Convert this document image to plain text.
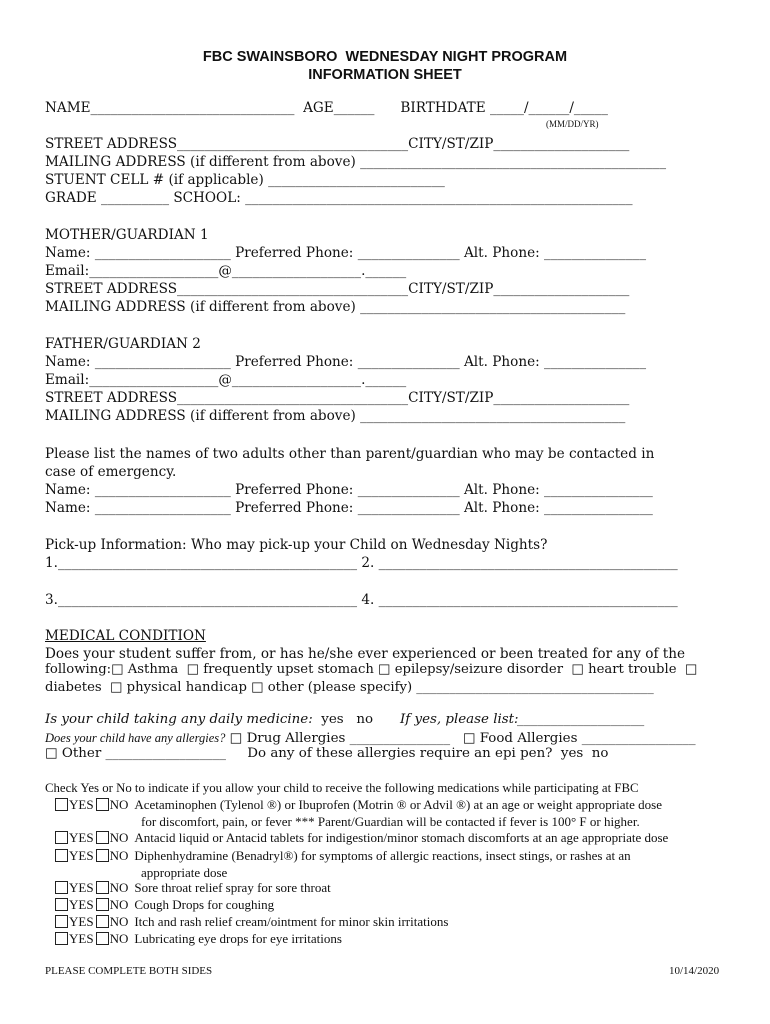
FBC SWAINSBORO  WEDNESDAY NIGHT PROGRAM
INFORMATION SHEET
NAME______________________________  AGE______      BIRTHDATE _____/______/_____
(MM/DD/YR)
STREET ADDRESS__________________________________CITY/ST/ZIP____________________
MAILING ADDRESS (if different from above) _____________________________________________
STUENT CELL # (if applicable) __________________________
GRADE __________ SCHOOL: _________________________________________________________
MOTHER/GUARDIAN 1
Name: ____________________ Preferred Phone: _______________ Alt. Phone: _______________
Email:___________________@___________________.______
STREET ADDRESS__________________________________CITY/ST/ZIP____________________
MAILING ADDRESS (if different from above) _______________________________________
FATHER/GUARDIAN 2
Name: ____________________ Preferred Phone: _______________ Alt. Phone: _______________
Email:___________________@___________________.______
STREET ADDRESS__________________________________CITY/ST/ZIP____________________
MAILING ADDRESS (if different from above) _______________________________________
Please list the names of two adults other than parent/guardian who may be contacted in
case of emergency.
Name: ____________________ Preferred Phone: _______________ Alt. Phone: ________________
Name: ____________________ Preferred Phone: _______________ Alt. Phone: ________________
Pick-up Information: Who may pick-up your Child on Wednesday Nights?
1.____________________________________________ 2. ____________________________________________
3.____________________________________________ 4. ____________________________________________
MEDICAL CONDITION
Does your student suffer from, or has he/she ever experienced or been treated for any of the
following:□ Asthma  □ frequently upset stomach □ epilepsy/seizure disorder  □ heart trouble  □
diabetes  □ physical handicap □ other (please specify) ____________________________________
Is your child taking any daily medicine:  yes   no If yes, please list:
___________________
Does your child have any allergies? □ Drug Allergies _______________   □ Food Allergies _________________
□ Other __________________     Do any of these allergies require an epi pen?  yes  no
Check Yes or No to indicate if you allow your child to receive the following medications while participating at FBC
YES NO Acetaminophen (Tylenol ®) or Ibuprofen (Motrin ® or Advil ®) at an age or weight appropriate dose
for discomfort, pain, or fever *** Parent/Guardian will be contacted if fever is 100° F or higher.
YES NO Antacid liquid or Antacid tablets for indigestion/minor stomach discomforts at an age appropriate dose
YES NO Diphenhydramine (Benadryl®) for symptoms of allergic reactions, insect stings, or rashes at an
appropriate dose
YES NO Sore throat relief spray for sore throat
YES NO Cough Drops for coughing
YES NO Itch and rash relief cream/ointment for minor skin irritations
YES NO Lubricating eye drops for eye irritations
PLEASE COMPLETE BOTH SIDES	10/14/2020
